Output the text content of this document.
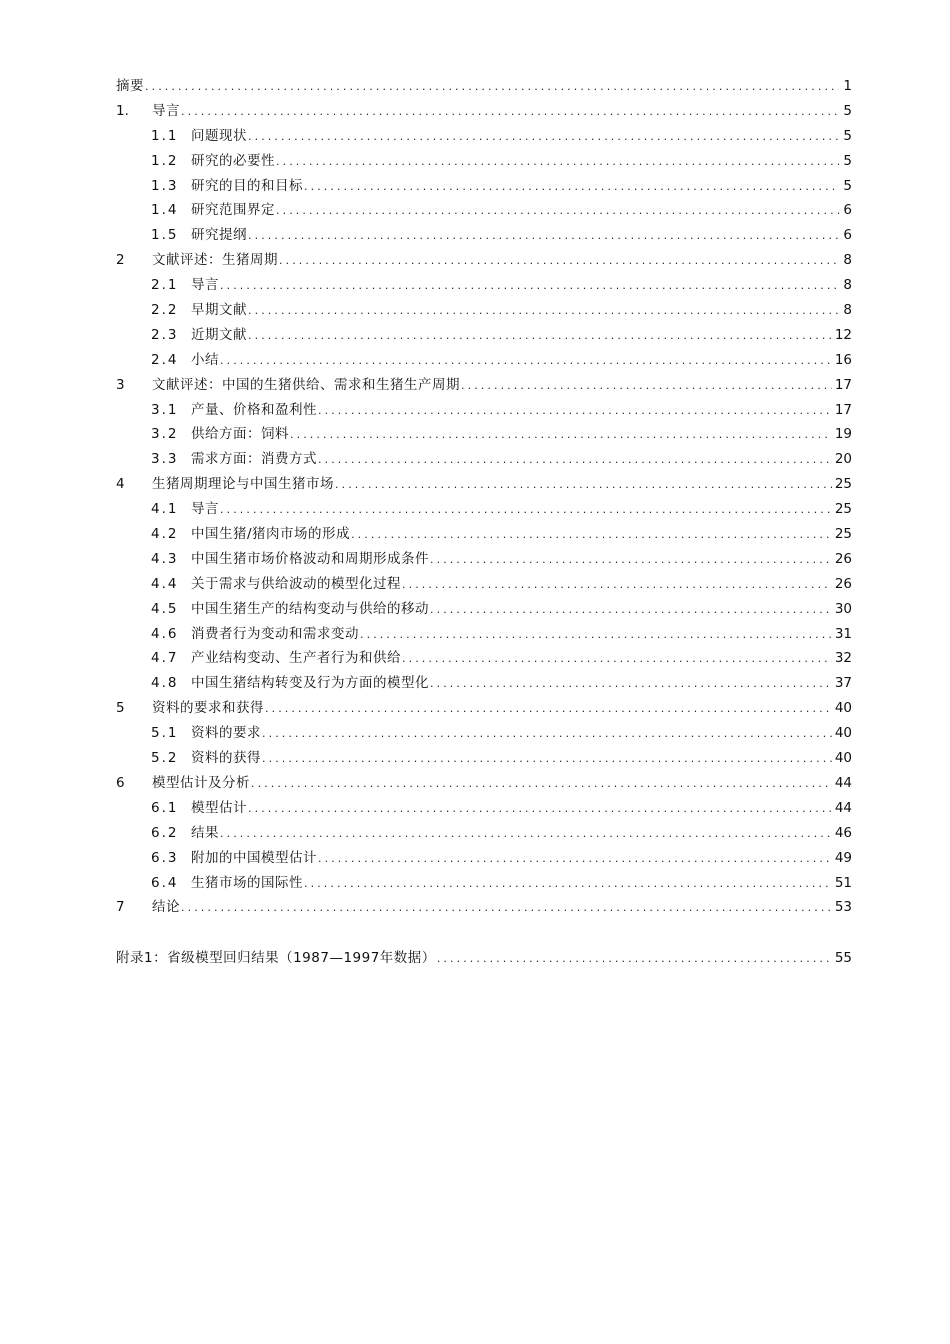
摘要 .....	1
1.	导言 .....	5
1.1 问题现状 .....	5
1.2 研究的必要性 .....	5
1.3 研究的目的和目标 .....	5
1.4 研究范围界定 .....	6
1.5 研究提纲 .....	6
2	文献评述：生猪周期 .....	8
2.1 导言 .....	8
2.2 早期文献 .....	8
2.3 近期文献 .....	12
2.4 小结 .....	16
3	文献评述：中国的生猪供给、需求和生猪生产周期 .....	17
3.1 产量、价格和盈利性 .....	17
3.2 供给方面：饲料 .....	19
3.3 需求方面：消费方式 .....	20
4	生猪周期理论与中国生猪市场 .....	25
4.1 导言 .....	25
4.2 中国生猪/猪肉市场的形成 .....	25
4.3 中国生猪市场价格波动和周期形成条件 .....	26
4.4 关于需求与供给波动的模型化过程 .....	26
4.5 中国生猪生产的结构变动与供给的移动 .....	30
4.6 消费者行为变动和需求变动 .....	31
4.7 产业结构变动、生产者行为和供给 .....	32
4.8 中国生猪结构转变及行为方面的模型化 .....	37
5	资料的要求和获得 .....	40
5.1 资料的要求 .....	40
5.2 资料的获得 .....	40
6	模型估计及分析 .....	44
6.1 模型估计 .....	44
6.2 结果 .....	46
6.3 附加的中国模型估计 .....	49
6.4 生猪市场的国际性 .....	51
7	结论 .....	53
附录1：省级模型回归结果（1987—1997年数据） .....	55
